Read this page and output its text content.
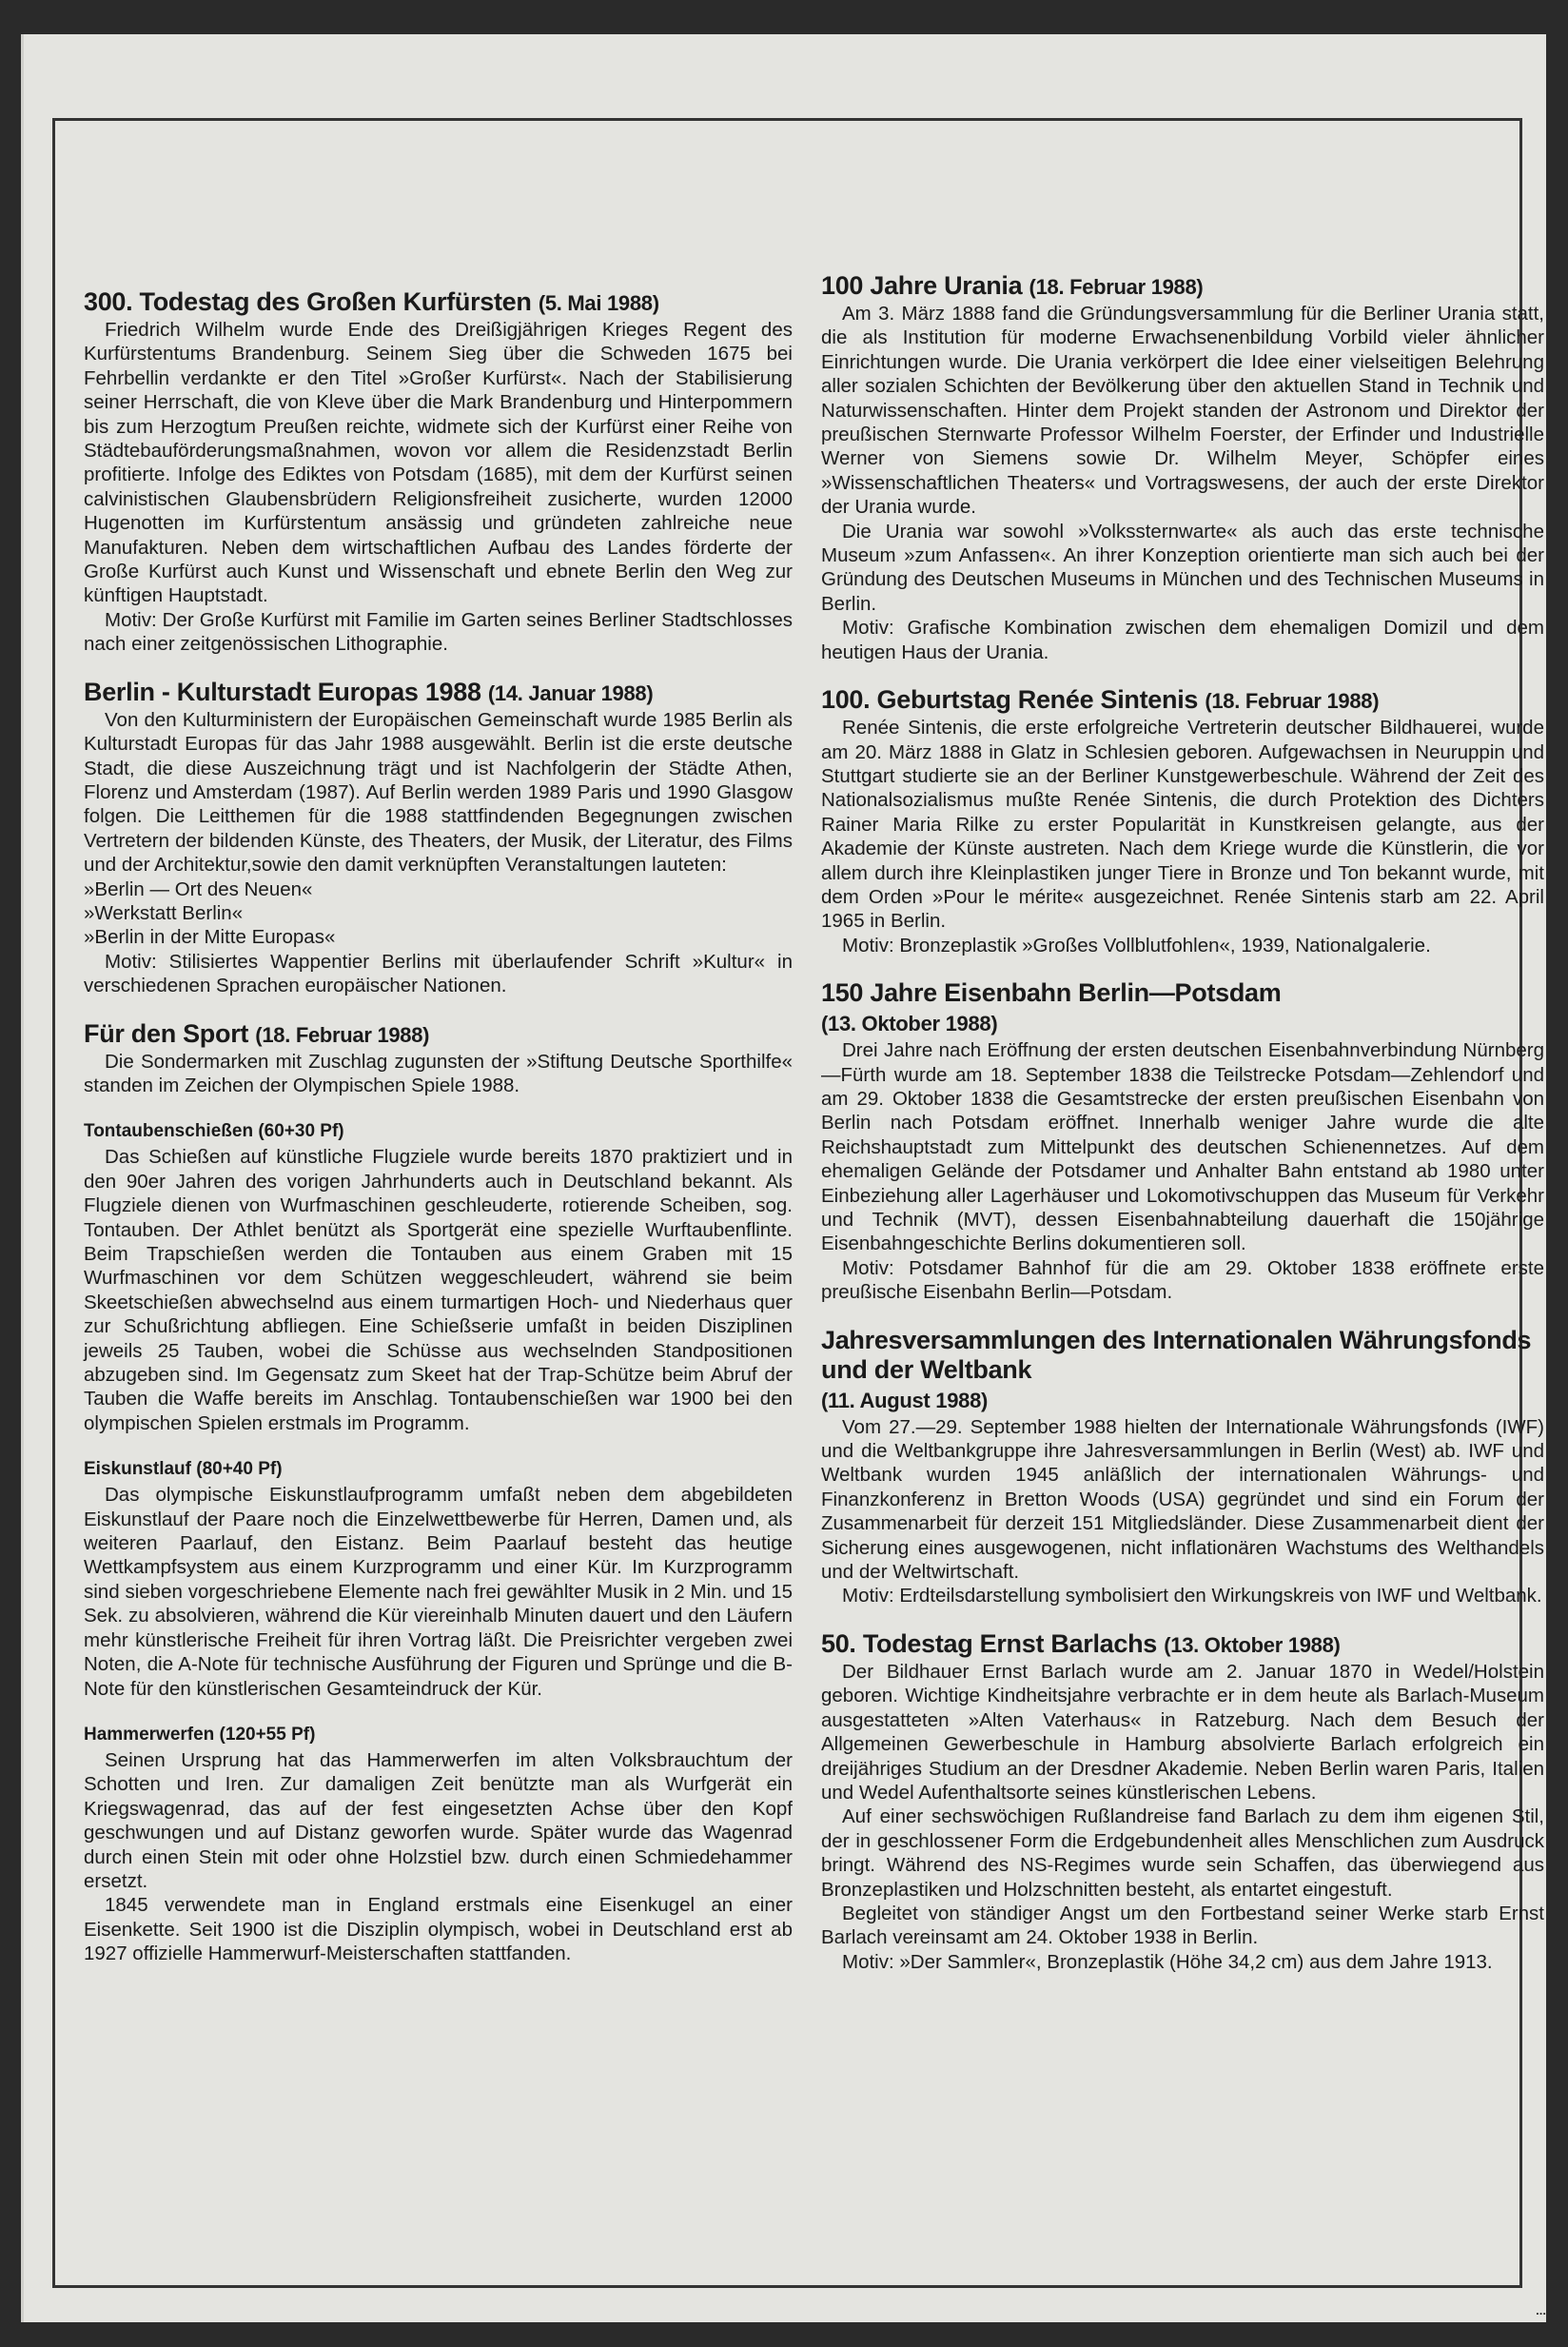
300. Todestag des Großen Kurfürsten (5. Mai 1988)

Friedrich Wilhelm wurde Ende des Dreißigjährigen Krieges Regent des Kurfürstentums Brandenburg. Seinem Sieg über die Schweden 1675 bei Fehrbellin verdankte er den Titel »Großer Kurfürst«. Nach der Stabilisierung seiner Herrschaft, die von Kleve über die Mark Brandenburg und Hinterpommern bis zum Herzogtum Preußen reichte, widmete sich der Kurfürst einer Reihe von Städtebauförderungsmaßnahmen, wovon vor allem die Residenzstadt Berlin profitierte. Infolge des Ediktes von Potsdam (1685), mit dem der Kurfürst seinen calvinistischen Glaubensbrüdern Religionsfreiheit zusicherte, wurden 12000 Hugenotten im Kurfürstentum ansässig und gründeten zahlreiche neue Manufakturen. Neben dem wirtschaftlichen Aufbau des Landes förderte der Große Kurfürst auch Kunst und Wissenschaft und ebnete Berlin den Weg zur künftigen Hauptstadt.

Motiv: Der Große Kurfürst mit Familie im Garten seines Berliner Stadtschlosses nach einer zeitgenössischen Lithographie.

Berlin - Kulturstadt Europas 1988 (14. Januar 1988)

Von den Kulturministern der Europäischen Gemeinschaft wurde 1985 Berlin als Kulturstadt Europas für das Jahr 1988 ausgewählt. Berlin ist die erste deutsche Stadt, die diese Auszeichnung trägt und ist Nachfolgerin der Städte Athen, Florenz und Amsterdam (1987). Auf Berlin werden 1989 Paris und 1990 Glasgow folgen. Die Leitthemen für die 1988 stattfindenden Begegnungen zwischen Vertretern der bildenden Künste, des Theaters, der Musik, der Literatur, des Films und der Architektur,sowie den damit verknüpften Veranstaltungen lauteten:

»Berlin — Ort des Neuen«

»Werkstatt Berlin«

»Berlin in der Mitte Europas«

Motiv: Stilisiertes Wappentier Berlins mit überlaufender Schrift »Kultur« in verschiedenen Sprachen europäischer Nationen.

Für den Sport (18. Februar 1988)

Die Sondermarken mit Zuschlag zugunsten der »Stiftung Deutsche Sporthilfe« standen im Zeichen der Olympischen Spiele 1988.

Tontaubenschießen (60+30 Pf)

Das Schießen auf künstliche Flugziele wurde bereits 1870 praktiziert und in den 90er Jahren des vorigen Jahrhunderts auch in Deutschland bekannt. Als Flugziele dienen von Wurfmaschinen geschleuderte, rotierende Scheiben, sog. Tontauben. Der Athlet benützt als Sportgerät eine spezielle Wurftaubenflinte. Beim Trapschießen werden die Tontauben aus einem Graben mit 15 Wurfmaschinen vor dem Schützen weggeschleudert, während sie beim Skeetschießen abwechselnd aus einem turmartigen Hoch- und Niederhaus quer zur Schußrichtung abfliegen. Eine Schießserie umfaßt in beiden Disziplinen jeweils 25 Tauben, wobei die Schüsse aus wechselnden Standpositionen abzugeben sind. Im Gegensatz zum Skeet hat der Trap-Schütze beim Abruf der Tauben die Waffe bereits im Anschlag. Tontaubenschießen war 1900 bei den olympischen Spielen erstmals im Programm.

Eiskunstlauf (80+40 Pf)

Das olympische Eiskunstlaufprogramm umfaßt neben dem abgebildeten Eiskunstlauf der Paare noch die Einzelwettbewerbe für Herren, Damen und, als weiteren Paarlauf, den Eistanz. Beim Paarlauf besteht das heutige Wettkampfsystem aus einem Kurzprogramm und einer Kür. Im Kurzprogramm sind sieben vorgeschriebene Elemente nach frei gewählter Musik in 2 Min. und 15 Sek. zu absolvieren, während die Kür viereinhalb Minuten dauert und den Läufern mehr künstlerische Freiheit für ihren Vortrag läßt. Die Preisrichter vergeben zwei Noten, die A-Note für technische Ausführung der Figuren und Sprünge und die B-Note für den künstlerischen Gesamteindruck der Kür.

Hammerwerfen (120+55 Pf)

Seinen Ursprung hat das Hammerwerfen im alten Volksbrauchtum der Schotten und Iren. Zur damaligen Zeit benützte man als Wurfgerät ein Kriegswagenrad, das auf der fest eingesetzten Achse über den Kopf geschwungen und auf Distanz geworfen wurde. Später wurde das Wagenrad durch einen Stein mit oder ohne Holzstiel bzw. durch einen Schmiedehammer ersetzt.

1845 verwendete man in England erstmals eine Eisenkugel an einer Eisenkette. Seit 1900 ist die Disziplin olympisch, wobei in Deutschland erst ab 1927 offizielle Hammerwurf-Meisterschaften stattfanden.

100 Jahre Urania (18. Februar 1988)

Am 3. März 1888 fand die Gründungsversammlung für die Berliner Urania statt, die als Institution für moderne Erwachsenenbildung Vorbild vieler ähnlicher Einrichtungen wurde. Die Urania verkörpert die Idee einer vielseitigen Belehrung aller sozialen Schichten der Bevölkerung über den aktuellen Stand in Technik und Naturwissenschaften. Hinter dem Projekt standen der Astronom und Direktor der preußischen Sternwarte Professor Wilhelm Foerster, der Erfinder und Industrielle Werner von Siemens sowie Dr. Wilhelm Meyer, Schöpfer eines »Wissenschaftlichen Theaters« und Vortragswesens, der auch der erste Direktor der Urania wurde.

Die Urania war sowohl »Volkssternwarte« als auch das erste technische Museum »zum Anfassen«. An ihrer Konzeption orientierte man sich auch bei der Gründung des Deutschen Museums in München und des Technischen Museums in Berlin.

Motiv: Grafische Kombination zwischen dem ehemaligen Domizil und dem heutigen Haus der Urania.

100. Geburtstag Renée Sintenis (18. Februar 1988)

Renée Sintenis, die erste erfolgreiche Vertreterin deutscher Bildhauerei, wurde am 20. März 1888 in Glatz in Schlesien geboren. Aufgewachsen in Neuruppin und Stuttgart studierte sie an der Berliner Kunstgewerbeschule. Während der Zeit des Nationalsozialismus mußte Renée Sintenis, die durch Protektion des Dichters Rainer Maria Rilke zu erster Popularität in Kunstkreisen gelangte, aus der Akademie der Künste austreten. Nach dem Kriege wurde die Künstlerin, die vor allem durch ihre Kleinplastiken junger Tiere in Bronze und Ton bekannt wurde, mit dem Orden »Pour le mérite« ausgezeichnet. Renée Sintenis starb am 22. April 1965 in Berlin.

Motiv: Bronzeplastik »Großes Vollblutfohlen«, 1939, Nationalgalerie.

150 Jahre Eisenbahn Berlin—Potsdam
(13. Oktober 1988)

Drei Jahre nach Eröffnung der ersten deutschen Eisenbahnverbindung Nürnberg—Fürth wurde am 18. September 1838 die Teilstrecke Potsdam—Zehlendorf und am 29. Oktober 1838 die Gesamtstrecke der ersten preußischen Eisenbahn von Berlin nach Potsdam eröffnet. Innerhalb weniger Jahre wurde die alte Reichshauptstadt zum Mittelpunkt des deutschen Schienennetzes. Auf dem ehemaligen Gelände der Potsdamer und Anhalter Bahn entstand ab 1980 unter Einbeziehung aller Lagerhäuser und Lokomotivschuppen das Museum für Verkehr und Technik (MVT), dessen Eisenbahnabteilung dauerhaft die 150jährige Eisenbahngeschichte Berlins dokumentieren soll.

Motiv: Potsdamer Bahnhof für die am 29. Oktober 1838 eröffnete erste preußische Eisenbahn Berlin—Potsdam.

Jahresversammlungen des Internationalen Währungsfonds und der Weltbank
(11. August 1988)

Vom 27.—29. September 1988 hielten der Internationale Währungsfonds (IWF) und die Weltbankgruppe ihre Jahresversammlungen in Berlin (West) ab. IWF und Weltbank wurden 1945 anläßlich der internationalen Währungs- und Finanzkonferenz in Bretton Woods (USA) gegründet und sind ein Forum der Zusammenarbeit für derzeit 151 Mitgliedsländer. Diese Zusammenarbeit dient der Sicherung eines ausgewogenen, nicht inflationären Wachstums des Welthandels und der Weltwirtschaft.

Motiv: Erdteilsdarstellung symbolisiert den Wirkungskreis von IWF und Weltbank.

50. Todestag Ernst Barlachs (13. Oktober 1988)

Der Bildhauer Ernst Barlach wurde am 2. Januar 1870 in Wedel/Holstein geboren. Wichtige Kindheitsjahre verbrachte er in dem heute als Barlach-Museum ausgestatteten »Alten Vaterhaus« in Ratzeburg. Nach dem Besuch der Allgemeinen Gewerbeschule in Hamburg absolvierte Barlach erfolgreich ein dreijähriges Studium an der Dresdner Akademie. Neben Berlin waren Paris, Italien und Wedel Aufenthaltsorte seines künstlerischen Lebens.

Auf einer sechswöchigen Rußlandreise fand Barlach zu dem ihm eigenen Stil, der in geschlossener Form die Erdgebundenheit alles Menschlichen zum Ausdruck bringt. Während des NS-Regimes wurde sein Schaffen, das überwiegend aus Bronzeplastiken und Holzschnitten besteht, als entartet eingestuft.

Begleitet von ständiger Angst um den Fortbestand seiner Werke starb Ernst Barlach vereinsamt am 24. Oktober 1938 in Berlin.

Motiv: »Der Sammler«, Bronzeplastik (Höhe 34,2 cm) aus dem Jahre 1913.

...
